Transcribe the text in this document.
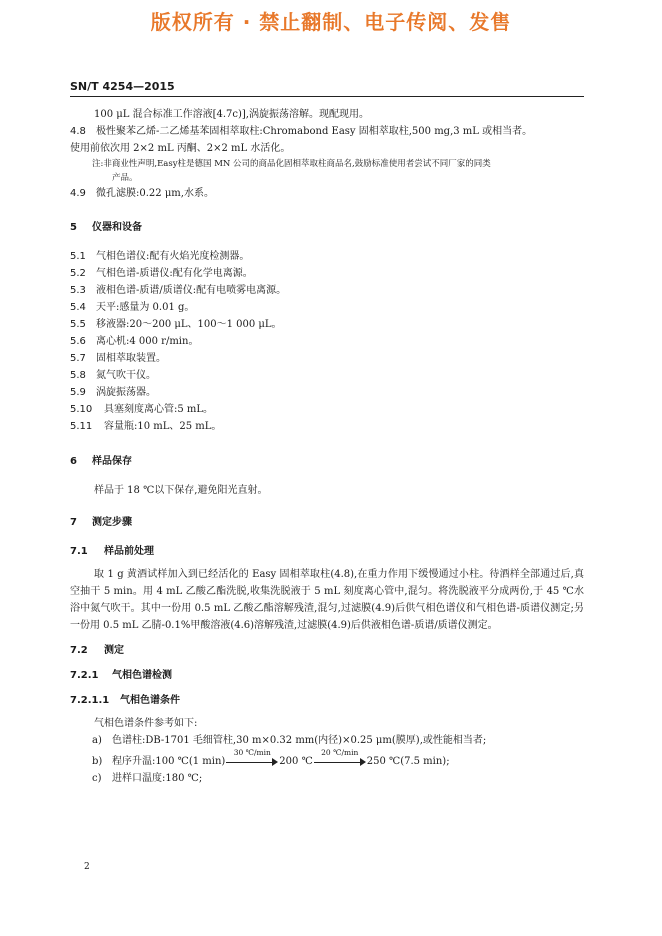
版权所有 · 禁止翻制、电子传阅、发售
SN/T 4254—2015

100 μL 混合标准工作溶液[4.7c)],涡旋振荡溶解。现配现用。

4.8 极性聚苯乙烯-二乙烯基苯固相萃取柱:Chromabond Easy 固相萃取柱,500 mg,3 mL 或相当者。

使用前依次用 2×2 mL 丙酮、2×2 mL 水活化。

注:非商业性声明,Easy柱是德国 MN 公司的商品化固相萃取柱商品名,鼓励标准使用者尝试不同厂家的同类

产品。

4.9 微孔滤膜:0.22 μm,水系。

5 仪器和设备

5.1 气相色谱仪:配有火焰光度检测器。

5.2 气相色谱-质谱仪:配有化学电离源。

5.3 液相色谱-质谱/质谱仪:配有电喷雾电离源。

5.4 天平:感量为 0.01 g。

5.5 移液器:20～200 μL、100～1 000 μL。

5.6 离心机:4 000 r/min。

5.7 固相萃取装置。

5.8 氮气吹干仪。

5.9 涡旋振荡器。

5.10 具塞刻度离心管:5 mL。

5.11 容量瓶:10 mL、25 mL。

6 样品保存

样品于 18 ℃以下保存,避免阳光直射。

7 测定步骤

7.1 样品前处理

取 1 g 黄酒试样加入到已经活化的 Easy 固相萃取柱(4.8),在重力作用下缓慢通过小柱。待酒样全部通过后,真空抽干 5 min。用 4 mL 乙酸乙酯洗脱,收集洗脱液于 5 mL 刻度离心管中,混匀。将洗脱液平分成两份,于 45 ℃水浴中氮气吹干。其中一份用 0.5 mL 乙酸乙酯溶解残渣,混匀,过滤膜(4.9)后供气相色谱仪和气相色谱-质谱仪测定;另一份用 0.5 mL 乙腈-0.1%甲酸溶液(4.6)溶解残渣,过滤膜(4.9)后供液相色谱-质谱/质谱仪测定。

7.2 测定

7.2.1 气相色谱检测

7.2.1.1 气相色谱条件

气相色谱条件参考如下:

a) 色谱柱:DB-1701 毛细管柱,30 m×0.32 mm(内径)×0.25 μm(膜厚),或性能相当者;

b) 程序升温:100 ℃(1 min)
30 ℃/min
200 ℃
20 ℃/min
250 ℃(7.5 min);

c) 进样口温度:180 ℃;

2
